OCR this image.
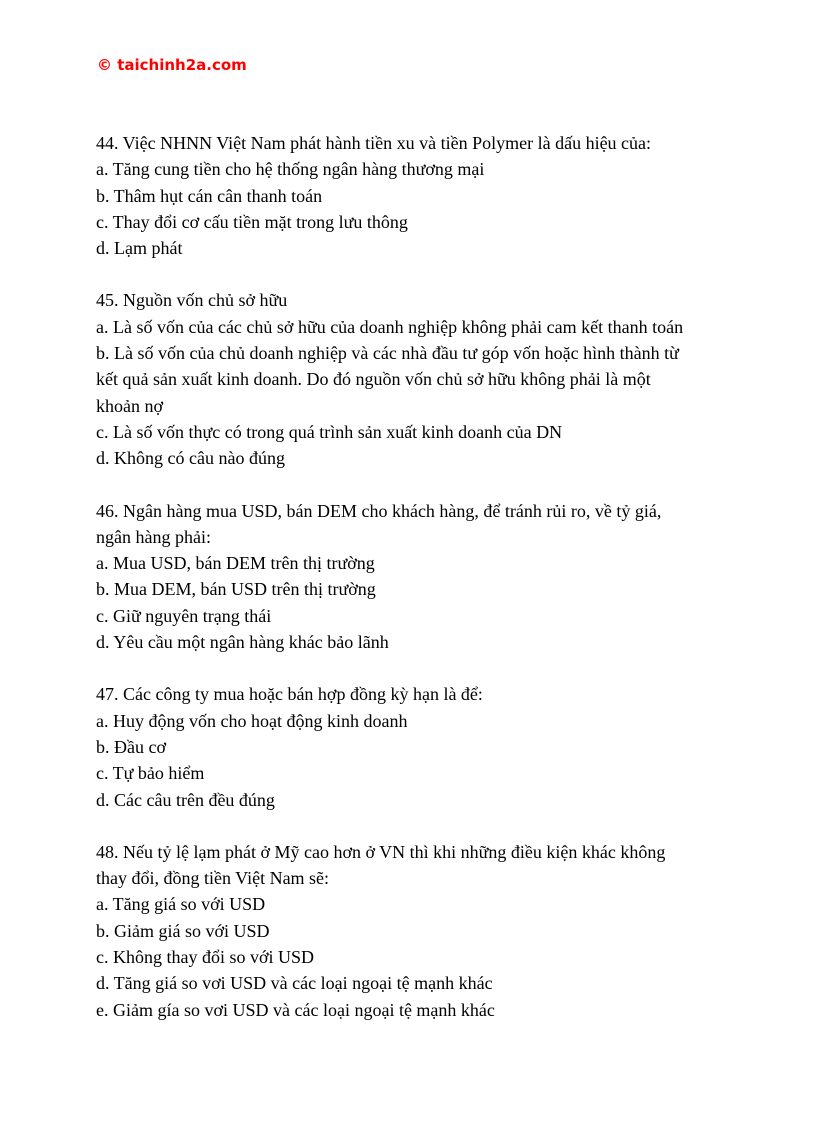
© taichinh2a.com
44. Việc NHNN Việt Nam phát hành tiền xu và tiền Polymer là dấu hiệu của:
a. Tăng cung tiền cho hệ thống ngân hàng thương mại
b. Thâm hụt cán cân thanh toán
c. Thay đổi cơ cấu tiền mặt trong lưu thông
d. Lạm phát
45. Nguồn vốn chủ sở hữu
a. Là số vốn của các chủ sở hữu của doanh nghiệp không phải cam kết thanh toán
b. Là số vốn của chủ doanh nghiệp và các nhà đầu tư góp vốn hoặc hình thành từ
kết quả sản xuất kinh doanh. Do đó nguồn vốn chủ sở hữu không phải là một
khoản nợ
c. Là số vốn thực có trong quá trình sản xuất kinh doanh của DN
d. Không có câu nào đúng
46. Ngân hàng mua USD, bán DEM cho khách hàng, để tránh rủi ro, về tỷ giá,
ngân hàng phải:
a. Mua USD, bán DEM trên thị trường
b. Mua DEM, bán USD trên thị trường
c. Giữ nguyên trạng thái
d. Yêu cầu một ngân hàng khác bảo lãnh
47. Các công ty mua hoặc bán hợp đồng kỳ hạn là để:
a. Huy động vốn cho hoạt động kinh doanh
b. Đầu cơ
c. Tự bảo hiểm
d. Các câu trên đều đúng
48. Nếu tỷ lệ lạm phát ở Mỹ cao hơn ở VN thì khi những điều kiện khác không
thay đổi, đồng tiền Việt Nam sẽ:
a. Tăng giá so với USD
b. Giảm giá so với USD
c. Không thay đổi so với USD
d. Tăng giá so vơi USD và các loại ngoại tệ mạnh khác
e. Giảm gía so vơi USD và các loại ngoại tệ mạnh khác
